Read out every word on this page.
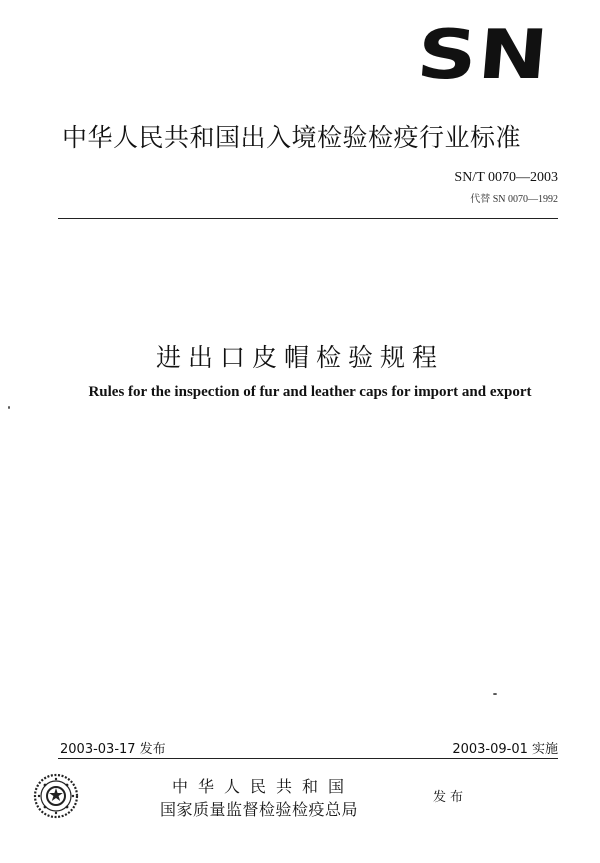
SN
中华人民共和国出入境检验检疫行业标准
SN/T 0070—2003
代替 SN 0070—1992
进出口皮帽检验规程
Rules for the inspection of fur and leather caps for import and export
2003-03-17 发布	2003-09-01 实施
中华人民共和国
国家质量监督检验检疫总局
发布
